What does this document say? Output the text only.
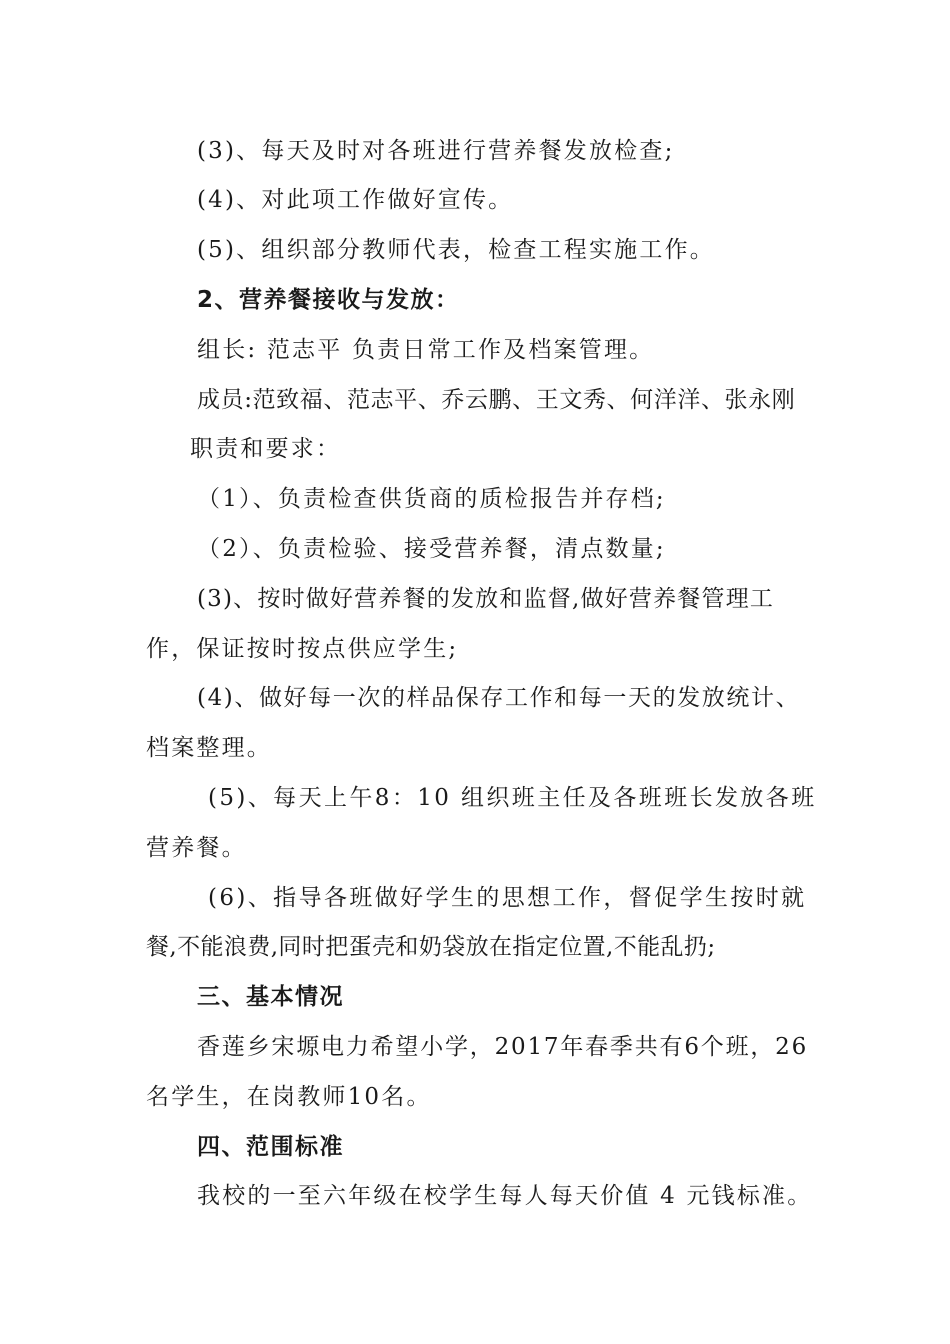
(3)、每天及时对各班进行营养餐发放检查;
(4)、对此项工作做好宣传。
(5)、组织部分教师代表，检查工程实施工作。
2、营养餐接收与发放：
组长: 范志平 负责日常工作及档案管理。
成员:范致福、范志平、乔云鹏、王文秀、何洋洋、张永刚
职责和要求：
（1）、负责检查供货商的质检报告并存档;
（2）、负责检验、接受营养餐，清点数量;
(3)、按时做好营养餐的发放和监督,做好营养餐管理工
作，保证按时按点供应学生;
(4)、做好每一次的样品保存工作和每一天的发放统计、
档案整理。
(5)、每天上午8：10 组织班主任及各班班长发放各班
营养餐。
(6)、指导各班做好学生的思想工作，督促学生按时就
餐,不能浪费,同时把蛋壳和奶袋放在指定位置,不能乱扔;
三、基本情况
香莲乡宋塬电力希望小学，2017年春季共有6个班，26
名学生，在岗教师10名。
四、范围标准
我校的一至六年级在校学生每人每天价值 4 元钱标准。
